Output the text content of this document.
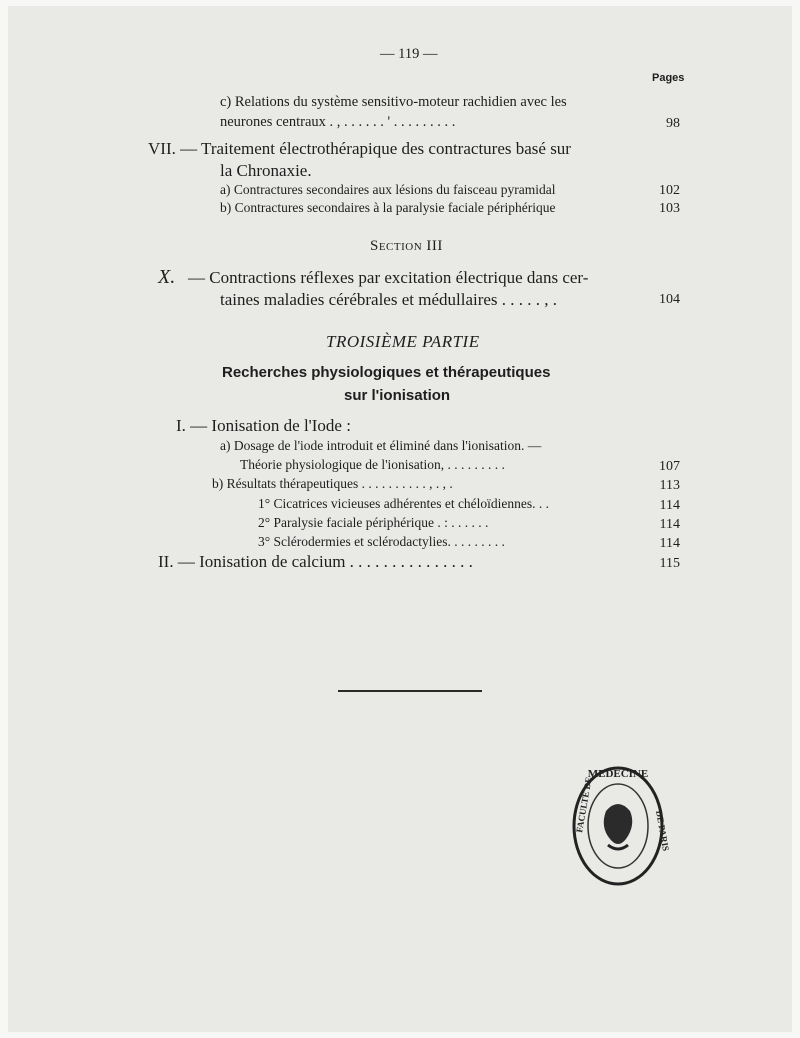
— 119 —
Pages
c) Relations du système sensitivo-moteur rachidien avec les
neurones centraux . , . . . . . . ' . . . . . . . . .	98
VII. — Traitement électrothérapique des contractures basé sur
la Chronaxie.
a) Contractures secondaires aux lésions du faisceau pyramidal	102
b) Contractures secondaires à la paralysie faciale périphérique	103
Section III
X. — Contractions réflexes par excitation électrique dans cer-
taines maladies cérébrales et médullaires . . . . . , .	104
TROISIÈME PARTIE
Recherches physiologiques et thérapeutiques
sur l'ionisation
I. — Ionisation de l'Iode :
a) Dosage de l'iode introduit et éliminé dans l'ionisation. —
Théorie physiologique de l'ionisation, . . . . . . . . .	107
b) Résultats thérapeutiques . . . . . . . . . . , . , .	113
1° Cicatrices vicieuses adhérentes et chéloïdiennes. . .	114
2° Paralysie faciale périphérique . : . . . . . .	114
3° Sclérodermies et sclérodactylies. . . . . . . . .	114
II. — Ionisation de calcium . . . . . . . . . . . . . . .	115
MEDECINE
FACULTE DE	DE PARIS
